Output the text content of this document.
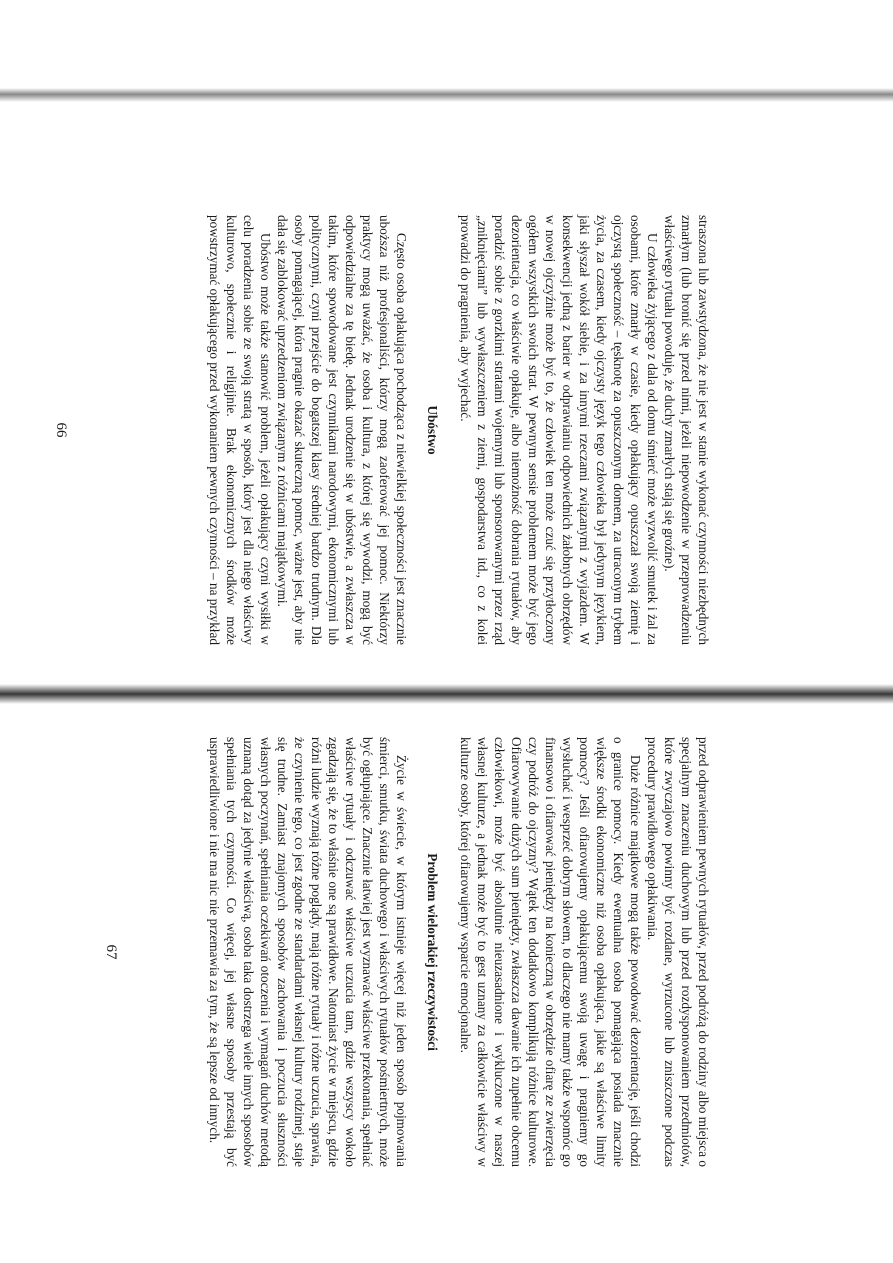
straszona lub zawstydzona, że nie jest w stanie wykonać czynności niezbędnych zmarłym (lub bronić się przed nimi, jeżeli niepowodzenie w przeprowadzeniu właściwego rytuału powoduje, że duchy zmarłych stają się groźne).

U człowieka żyjącego z dala od domu śmierć może wyzwolić smutek i żal za osobami, które zmarły w czasie, kiedy opłakujący opuszczał swoją ziemię i ojczystą społeczność – tęsknotę za opuszczonym domem, za utraconym trybem życia, za czasem, kiedy ojczysty język tego człowieka był jedynym językiem, jaki słyszał wokół siebie, i za innymi rzeczami związanymi z wyjazdem. W konsekwencji jedną z barier w odprawianiu odpowiednich żałobnych obrzędów w nowej ojczyźnie może być to, że człowiek ten może czuć się przytłoczony ogółem wszystkich swoich strat. W pewnym sensie problemem może być jego dezorientacja, co właściwie opłakuje, albo niemożność dobrania rytuałów, aby poradzić sobie z gorzkimi stratami wojennymi lub sponsorowanymi przez rząd „zniknięciami” lub wywłaszczeniem z ziemi, gospodarstwa itd., co z kolei prowadzi do pragnienia, aby wyjechać.

Ubóstwo

Często osoba opłakująca pochodząca z niewielkiej społeczności jest znacznie uboższa niż profesjonaliści, którzy mogą zaoferować jej pomoc. Niektórzy praktycy mogą uważać, że osoba i kultura, z której się wywodzi, mogą być odpowiedzialne za tę biedę. Jednak urodzenie się w ubóstwie, a zwłaszcza w takim, które spowodowane jest czynnikami narodowymi, ekonomicznymi lub politycznymi, czyni przejście do bogatszej klasy średniej bardzo trudnym. Dla osoby pomagającej, która pragnie okazać skuteczną pomoc, ważne jest, aby nie dała się zablokować uprzedzeniom związanym z różnicami majątkowymi.

Ubóstwo może także stanowić problem, jeżeli opłakujący czyni wysiłki w celu poradzenia sobie ze swoją stratą w sposób, który jest dla niego właściwy kulturowo, społecznie i religijnie. Brak ekonomicznych środków może powstrzymać opłakującego przed wykonaniem pewnych czynności – na przykład

66

przed odprawieniem pewnych rytuałów, przed podróżą do rodziny albo miejsca o specjalnym znaczeniu duchowym lub przed rozdysponowaniem przedmiotów, które zwyczajowo powinny być rozdane, wyrzucone lub zniszczone podczas procedury prawidłowego opłakiwania.

Duże różnice majątkowe mogą także powodować dezorientację, jeśli chodzi o granice pomocy. Kiedy ewentualna osoba pomagająca posiada znacznie większe środki ekonomiczne niż osoba opłakująca, jakie są właściwe limity pomocy? Jeśli ofiarowujemy opłakującemu swoją uwagę i pragniemy go wysłuchać i wesprzeć dobrym słowem, to dlaczego nie mamy także wspomóc go finansowo i ofiarować pieniędzy na konieczną w obrzędzie ofiarę ze zwierzęcia czy podróż do ojczyzny? Wątek ten dodatkowo komplikują różnice kulturowe. Ofiarowywanie dużych sum pieniędzy, zwłaszcza dawanie ich zupełnie obcemu człowiekowi, może być absolutnie nieuzasadnione i wykluczone w naszej własnej kulturze, a jednak może być to gest uznany za całkowicie właściwy w kulturze osoby, której ofiarowujemy wsparcie emocjonalne.

Problem wielorakiej rzeczywistości

Życie w świecie, w którym istnieje więcej niż jeden sposób pojmowania śmierci, smutku, świata duchowego i właściwych rytuałów pośmiertnych, może być ogłupiające. Znacznie łatwiej jest wyznawać właściwe przekonania, spełniać właściwe rytuały i odczuwać właściwe uczucia tam, gdzie wszyscy wokoło zgadzają się, że to właśnie one są prawidłowe. Natomiast życie w miejscu, gdzie różni ludzie wyznają różne poglądy, mają różne rytuały i różne uczucia, sprawia, że czynienie tego, co jest zgodne ze standardami własnej kultury rodzimej, staje się trudne. Zamiast znajomych sposobów zachowania i poczucia słuszności własnych poczynań, spełniania oczekiwań otoczenia i wymagań duchów metodą uznaną dotąd za jedynie właściwą, osoba taka dostrzega wiele innych sposobów spełniania tych czynności. Co więcej, jej własne sposoby przestają być usprawiedliwione i nie ma nic nie przemawia za tym, że są lepsze od innych.

67
